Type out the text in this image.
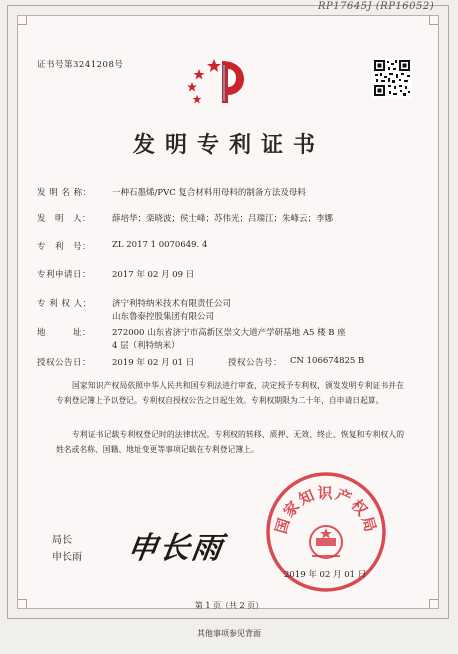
RP17645J (RP16052)
证书号第3241208号
发明专利证书
发 明 名 称： 一种石墨烯/PVC 复合材料用母料的制备方法及母料
发　明　人： 薛培华；栾晓波；侯士峰；苏伟光；吕瑞江；朱峰云；李娜
专　利　号： ZL 2017 1 0070649. 4
专利申请日： 2017 年 02 月 09 日
专 利 权 人： 济宁利特纳米技术有限责任公司
山东鲁泰控股集团有限公司
地　　　址： 272000 山东省济宁市高新区崇文大道产学研基地 A5 楼 B 座
4 层（利特纳米）
授权公告日： 2019 年 02 月 01 日	授权公告号： CN 106674825 B
国家知识产权局依照中华人民共和国专利法进行审查，决定授予专利权，颁发发明专利证书并在专利登记簿上予以登记。专利权自授权公告之日起生效。专利权期限为二十年，自申请日起算。
专利证书记载专利权登记时的法律状况。专利权的转移、质押、无效、终止、恢复和专利权人的姓名或名称、国籍、地址变更等事项记载在专利登记簿上。
局长
申长雨 申长雨
国家知识产权局
2019 年 02 月 01 日
第 1 页（共 2 页）
其他事项参见背面
